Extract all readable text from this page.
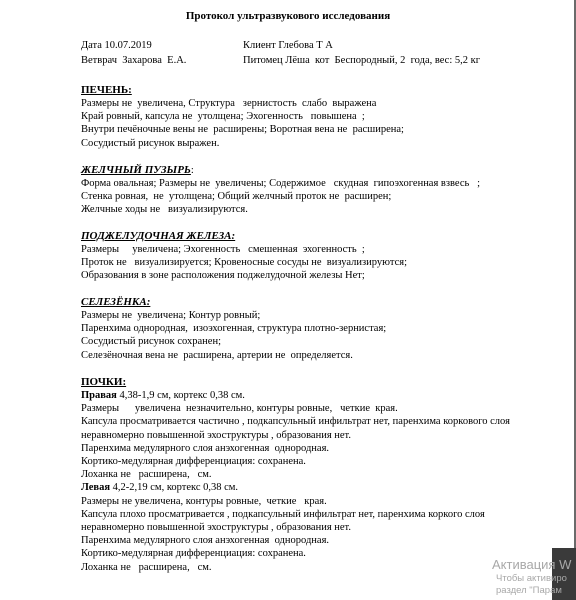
Протокол ультразвукового исследования
Дата 10.07.2019	Клиент Глебова Т А
Ветврач  Захарова  Е.А.	Питомец Лёша  кот  Беспородный, 2  года, вес: 5,2 кг
ПЕЧЕНЬ:
Размеры не  увеличена, Структура   зернистость  слабо  выражена
Край ровный, капсула не  утолщена; Эхогенность   повышена  ;
Внутри печёночные вены не  расширены; Воротная вена не  расширена;
Сосудистый рисунок выражен.
ЖЕЛЧНЫЙ ПУЗЫРЬ:
Форма овальная; Размеры не  увеличены; Содержимое   скудная  гипоэхогенная взвесь   ;
Стенка ровная,  не  утолщена; Общий желчный проток не  расширен;
Желчные ходы не   визуализируются.
ПОДЖЕЛУДОЧНАЯ ЖЕЛЕЗА:
Размеры     увеличена; Эхогенность   смешенная  эхогенность  ;
Проток не   визуализируется; Кровеносные сосуды не  визуализируются;
Образования в зоне расположения поджелудочной железы Нет;
СЕЛЕЗЁНКА:
Размеры не  увеличена; Контур ровный;
Паренхима однородная,  изоэхогенная, структура плотно-зернистая;
Сосудистый рисунок сохранен;
Селезёночная вена не  расширена, артерии не  определяется.
ПОЧКИ:
Правая 4,38-1,9 см, кортекс 0,38 см.
Размеры      увеличена  незначительно, контуры ровные,   четкие  края.
Капсула просматривается частично , подкапсульный инфильтрат нет, паренхима коркового слоя неравномерно повышенной эхоструктуры , образования нет.
Паренхима медулярного слоя анэхогенная  однородная.
Кортико-медулярная дифференциация: сохранена.
Лоханка не   расширена,   см.
Левая 4,2-2,19 см, кортекс 0,38 см.
Размеры не увеличена, контуры ровные,  четкие   края.
Капсула плохо просматривается , подкапсульный инфильтрат нет, паренхима коркого слоя неравномерно повышенной эхоструктуры , образования нет.
Паренхима медулярного слоя анэхогенная  однородная.
Кортико-медулярная дифференциация: сохранена.
Лоханка не   расширена,   см.	Активация W
Чтобы активиро
раздел "Парам
